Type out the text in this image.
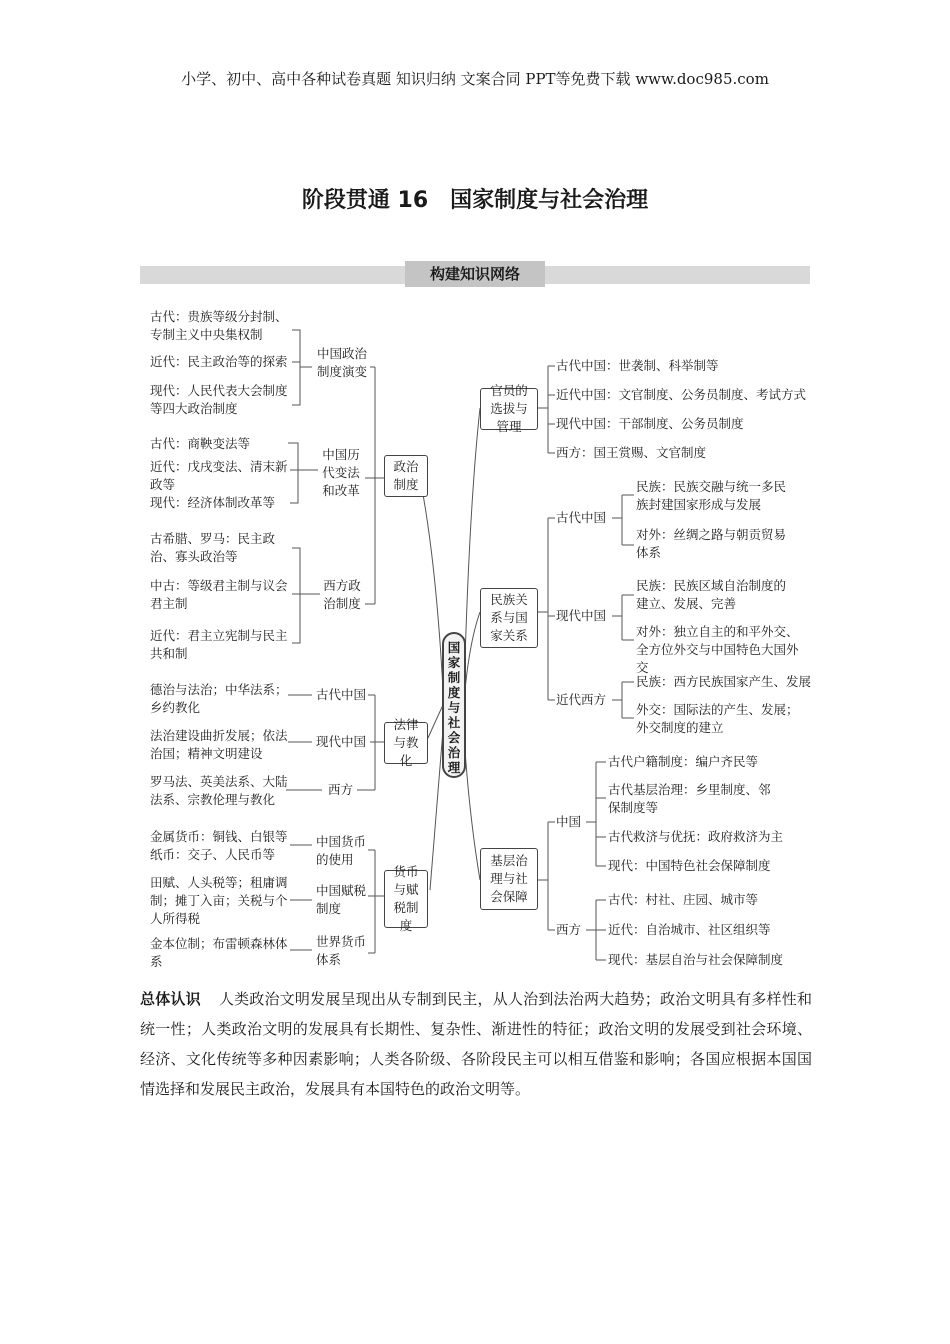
小学、初中、高中各种试卷真题 知识归纳 文案合同 PPT等免费下载 www.doc985.com
阶段贯通 16　国家制度与社会治理
构建知识网络
国家制度与社会治理
古代：贵族等级分封制、专制主义中央集权制
近代：民主政治等的探索
现代：人民代表大会制度等四大政治制度
中国政治制度演变
古代：商鞅变法等
近代：戊戌变法、清末新政等
现代：经济体制改革等
中国历代变法和改革
古希腊、罗马：民主政治、寡头政治等
中古：等级君主制与议会君主制
近代：君主立宪制与民主共和制
西方政治制度
政治制度
德治与法治；中华法系；乡约教化
古代中国
法治建设曲折发展；依法治国；精神文明建设
现代中国
罗马法、英美法系、大陆法系、宗教伦理与教化
西方
法律与教化
金属货币：铜钱、白银等纸币：交子、人民币等
中国货币的使用
田赋、人头税等；租庸调制；摊丁入亩；关税与个人所得税
中国赋税制度
金本位制；布雷顿森林体系
世界货币体系
货币与赋税制度
官员的选拔与管理
古代中国：世袭制、科举制等
近代中国：文官制度、公务员制度、考试方式
现代中国：干部制度、公务员制度
西方：国王赏赐、文官制度
民族关系与国家关系
古代中国
民族：民族交融与统一多民族封建国家形成与发展
对外：丝绸之路与朝贡贸易体系
现代中国
民族：民族区域自治制度的建立、发展、完善
对外：独立自主的和平外交、全方位外交与中国特色大国外交
近代西方
民族：西方民族国家产生、发展
外交：国际法的产生、发展；外交制度的建立
基层治理与社会保障
中国
古代户籍制度：编户齐民等
古代基层治理：乡里制度、邻保制度等
古代救济与优抚：政府救济为主
现代：中国特色社会保障制度
西方
古代：村社、庄园、城市等
近代：自治城市、社区组织等
现代：基层自治与社会保障制度
总体认识 人类政治文明发展呈现出从专制到民主，从人治到法治两大趋势；政治文明具有多样性和统一性；人类政治文明的发展具有长期性、复杂性、渐进性的特征；政治文明的发展受到社会环境、经济、文化传统等多种因素影响；人类各阶级、各阶段民主可以相互借鉴和影响；各国应根据本国国情选择和发展民主政治，发展具有本国特色的政治文明等。
